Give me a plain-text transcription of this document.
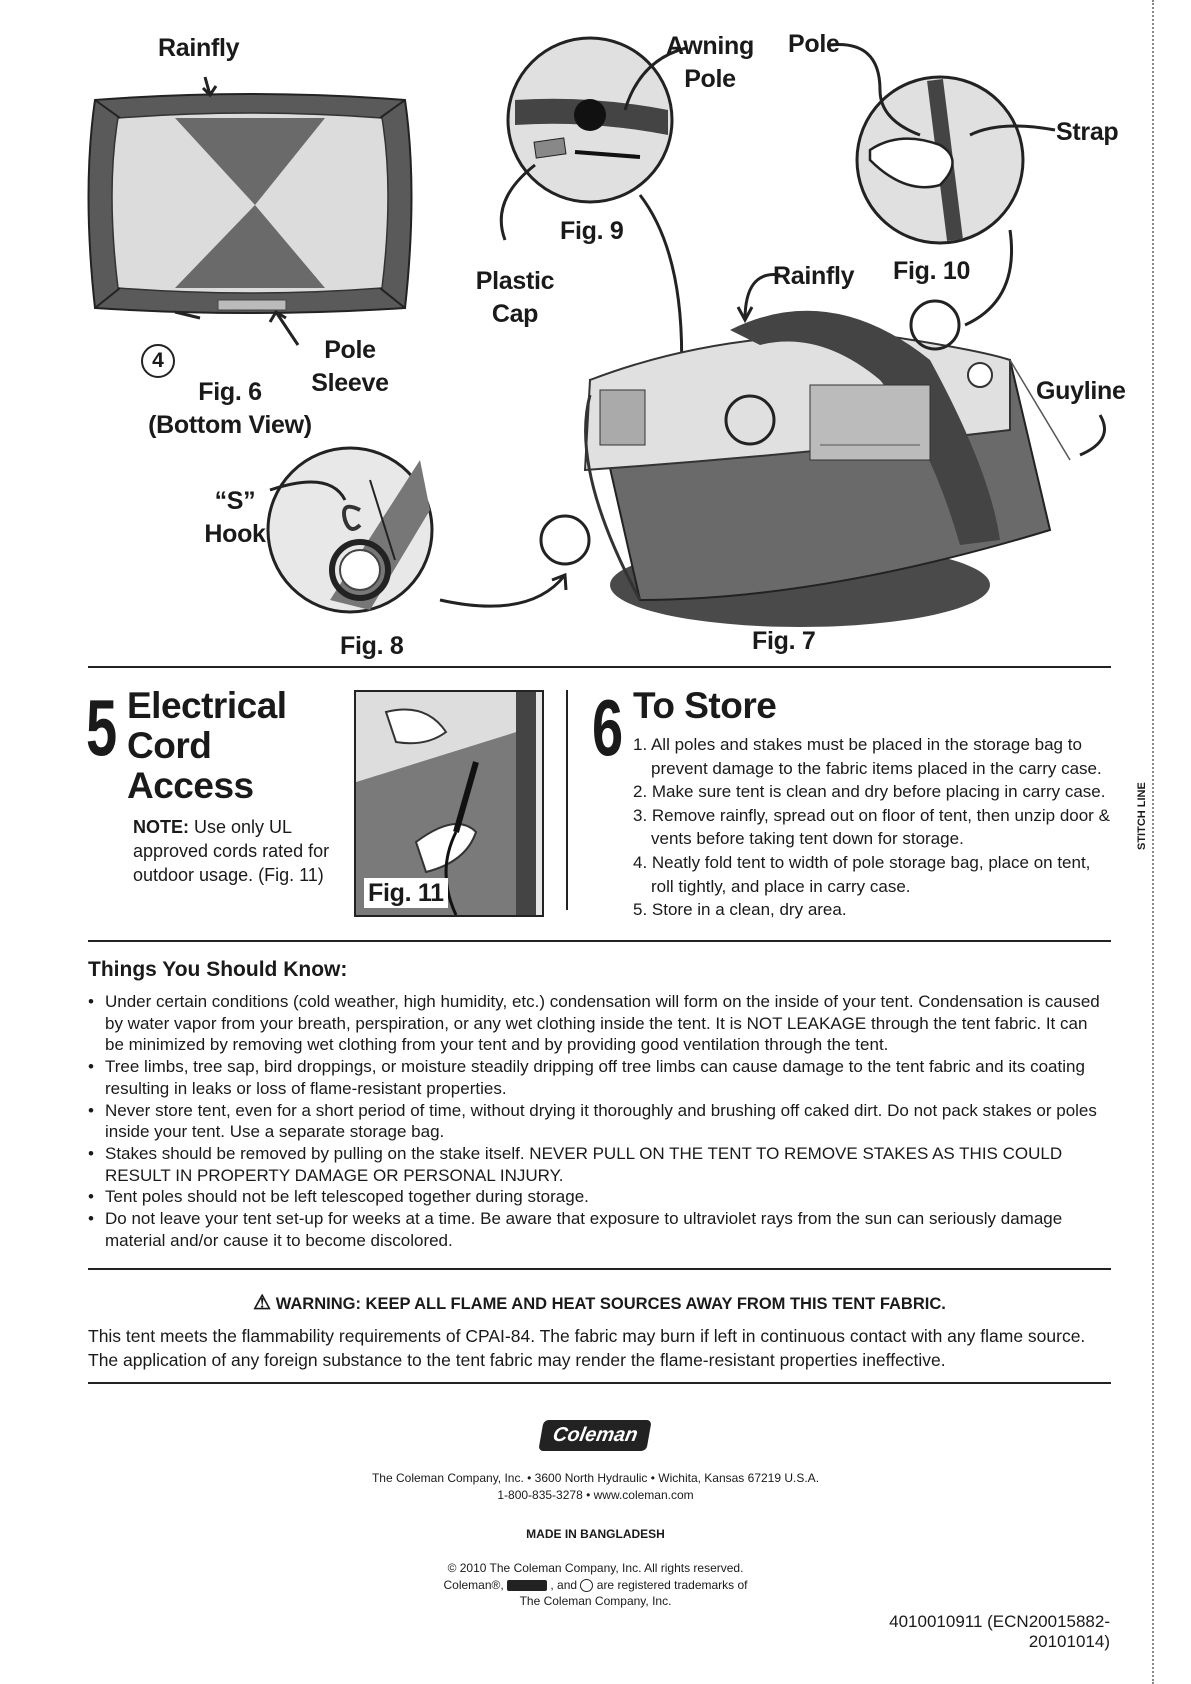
Rainfly
4	Pole
Sleeve
Fig. 6
(Bottom View)
Awning
Pole
Fig. 9
Plastic
Cap
Pole
Strap
Fig. 10
Rainfly
Guyline
Fig. 7
“S”
Hook
Fig. 8
STITCH LINE
5 Electrical
Cord
Access
NOTE: Use only UL
approved cords rated for
outdoor usage. (Fig. 11)
Fig. 11
6 To Store
1. All poles and stakes must be placed in the storage bag to prevent damage to the fabric items placed in the carry case.
2. Make sure tent is clean and dry before placing in carry case.
3. Remove rainfly, spread out on floor of tent, then unzip door & vents before taking tent down for storage.
4. Neatly fold tent to width of pole storage bag, place on tent, roll tightly, and place in carry case.
5. Store in a clean, dry area.
Things You Should Know:
• Under certain conditions (cold weather, high humidity, etc.) condensation will form on the inside of your tent. Condensation is caused by water vapor from your breath, perspiration, or any wet clothing inside the tent. It is NOT LEAKAGE through the tent fabric. It can be minimized by removing wet clothing from your tent and by providing good ventilation through the tent.
• Tree limbs, tree sap, bird droppings, or moisture steadily dripping off tree limbs can cause damage to the tent fabric and its coating resulting in leaks or loss of flame-resistant properties.
• Never store tent, even for a short period of time, without drying it thoroughly and brushing off caked dirt. Do not pack stakes or poles inside your tent. Use a separate storage bag.
• Stakes should be removed by pulling on the stake itself. NEVER PULL ON THE TENT TO REMOVE STAKES AS THIS COULD RESULT IN PROPERTY DAMAGE OR PERSONAL INJURY.
• Tent poles should not be left telescoped together during storage.
• Do not leave your tent set-up for weeks at a time. Be aware that exposure to ultraviolet rays from the sun can seriously damage material and/or cause it to become discolored.
⚠ WARNING: KEEP ALL FLAME AND HEAT SOURCES AWAY FROM THIS TENT FABRIC.
This tent meets the flammability requirements of CPAI-84. The fabric may burn if left in continuous contact with any flame source. The application of any foreign substance to the tent fabric may render the flame-resistant properties ineffective.
Coleman
The Coleman Company, Inc. • 3600 North Hydraulic • Wichita, Kansas 67219 U.S.A.
1-800-835-3278 • www.coleman.com
MADE IN BANGLADESH
© 2010 The Coleman Company, Inc. All rights reserved.
Coleman®,	, and are registered trademarks of
The Coleman Company, Inc.
4010010911 (ECN20015882-20101014)
